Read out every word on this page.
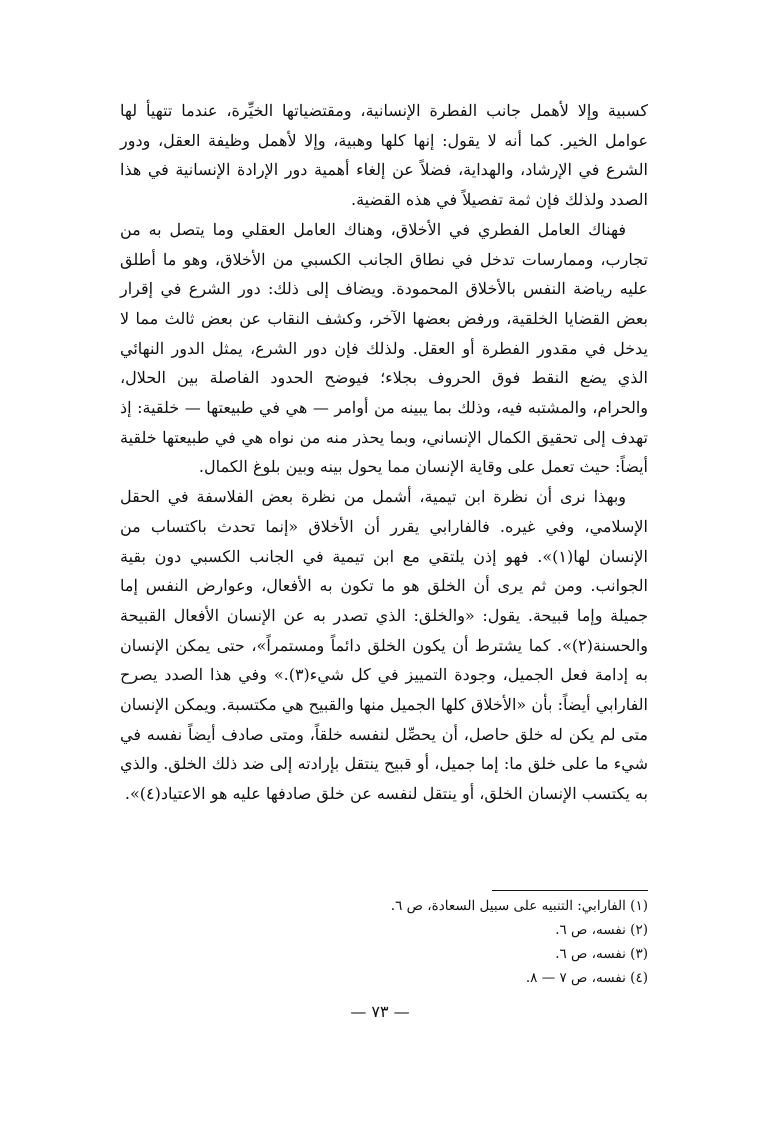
كسبية وإلا لأهمل جانب الفطرة الإنسانية، ومقتضياتها الخيِّرة، عندما تتهيأ لها عوامل الخير. كما أنه لا يقول: إنها كلها وهبية، وإلا لأهمل وظيفة العقل، ودور الشرع في الإرشاد، والهداية، فضلاً عن إلغاء أهمية دور الإرادة الإنسانية في هذا الصدد ولذلك فإن ثمة تفصيلاً في هذه القضية.

فهناك العامل الفطري في الأخلاق، وهناك العامل العقلي وما يتصل به من تجارب، وممارسات تدخل في نطاق الجانب الكسبي من الأخلاق، وهو ما أطلق عليه رياضة النفس بالأخلاق المحمودة. ويضاف إلى ذلك: دور الشرع في إقرار بعض القضايا الخلقية، ورفض بعضها الآخر، وكشف النقاب عن بعض ثالث مما لا يدخل في مقدور الفطرة أو العقل. ولذلك فإن دور الشرع، يمثل الدور النهائي الذي يضع النقط فوق الحروف بجلاء؛ فيوضح الحدود الفاصلة بين الحلال، والحرام، والمشتبه فيه، وذلك بما يبينه من أوامر — هي في طبيعتها — خلقية: إذ تهدف إلى تحقيق الكمال الإنساني، وبما يحذر منه من نواه هي في طبيعتها خلقية أيضاً: حيث تعمل على وقاية الإنسان مما يحول بينه وبين بلوغ الكمال.

وبهذا نرى أن نظرة ابن تيمية، أشمل من نظرة بعض الفلاسفة في الحقل الإسلامي، وفي غيره. فالفارابي يقرر أن الأخلاق «إنما تحدث باكتساب من الإنسان لها(١)». فهو إذن يلتقي مع ابن تيمية في الجانب الكسبي دون بقية الجوانب. ومن ثم يرى أن الخلق هو ما تكون به الأفعال، وعوارض النفس إما جميلة وإما قبيحة. يقول: «والخلق: الذي تصدر به عن الإنسان الأفعال القبيحة والحسنة(٢)». كما يشترط أن يكون الخلق دائماً ومستمراً»، حتى يمكن الإنسان به إدامة فعل الجميل، وجودة التمييز في كل شيء(٣).» وفي هذا الصدد يصرح الفارابي أيضاً: بأن «الأخلاق كلها الجميل منها والقبيح هي مكتسبة. ويمكن الإنسان متى لم يكن له خلق حاصل، أن يحصِّل لنفسه خلقاً، ومتى صادف أيضاً نفسه في شيء ما على خلق ما: إما جميل، أو قبيح ينتقل بإرادته إلى ضد ذلك الخلق. والذي به يكتسب الإنسان الخلق، أو ينتقل لنفسه عن خلق صادفها عليه هو الاعتياد(٤)».

(١) الفارابي: التنبيه على سبيل السعادة، ص ٦.
(٢) نفسه، ص ٦.
(٣) نفسه، ص ٦.
(٤) نفسه، ص ٧ — ٨.
— ٧٣ —
